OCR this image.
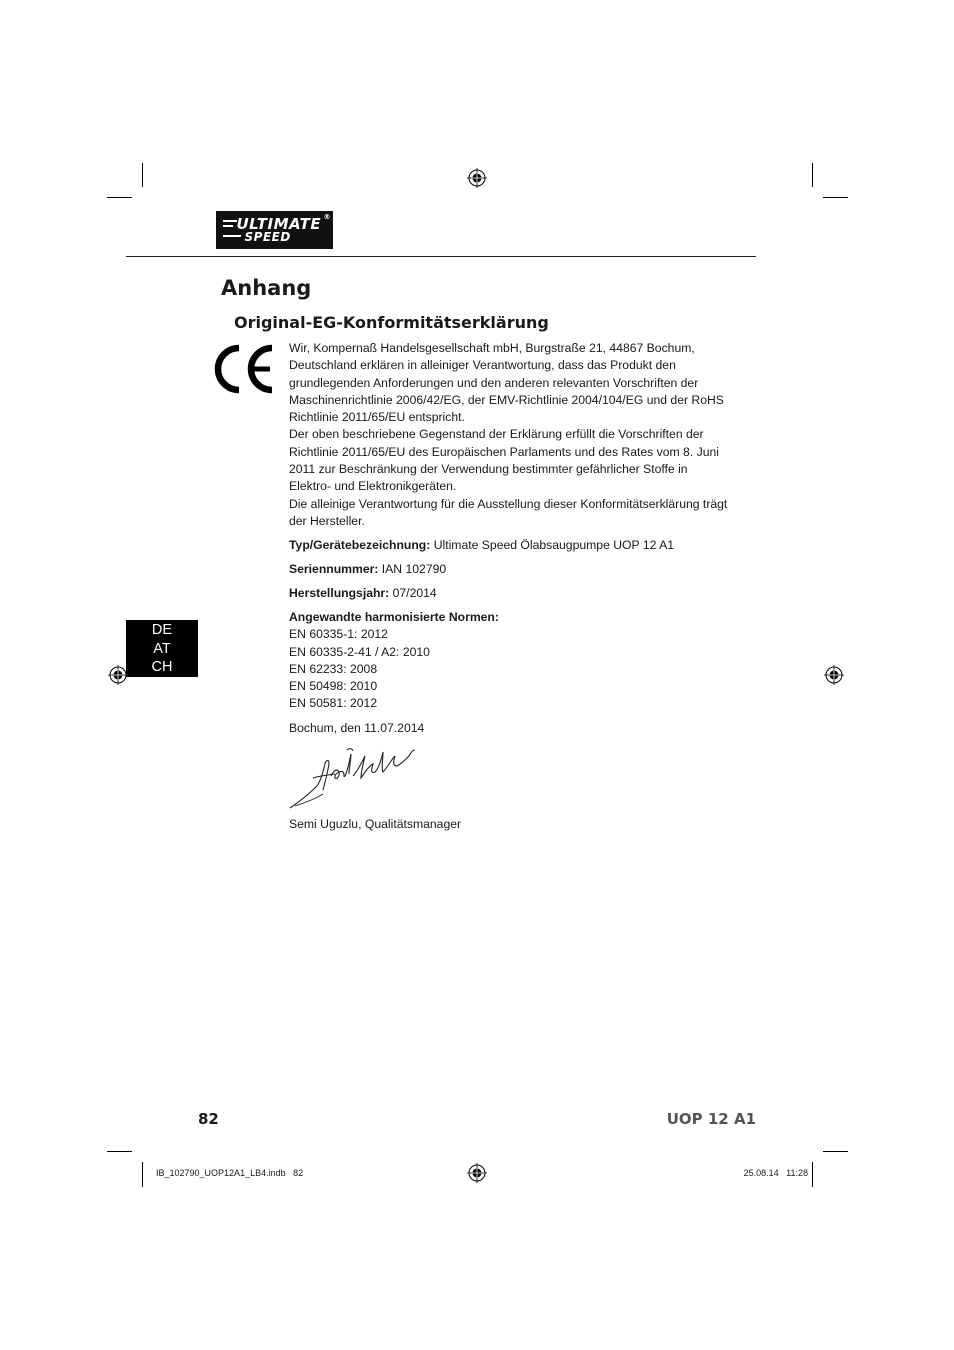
ULTIMATE
SPEED
®
Anhang
Original-EG-Konformitätserklärung

Wir, Kompernaß Handelsgesellschaft mbH, Burgstraße 21, 44867 Bochum, Deutschland erklären in alleiniger Verantwortung, dass das Produkt den grundlegenden Anforderungen und den anderen relevanten Vorschriften der Maschinenrichtlinie 2006/42/EG, der EMV-Richtlinie 2004/104/EG und der RoHS Richtlinie 2011/65/EU entspricht.

Der oben beschriebene Gegenstand der Erklärung erfüllt die Vorschriften der Richtlinie 2011/65/EU des Europäischen Parlaments und des Rates vom 8. Juni 2011 zur Beschränkung der Verwendung bestimmter gefährlicher Stoffe in Elektro- und Elektronikgeräten.

Die alleinige Verantwortung für die Ausstellung dieser Konformitätserklärung trägt der Hersteller.

Typ/Gerätebezeichnung: Ultimate Speed Ölabsaugpumpe UOP 12 A1
Seriennummer: IAN 102790
Herstellungsjahr: 07/2014
Angewandte harmonisierte Normen:
EN 60335-1: 2012
EN 60335-2-41 / A2: 2010
EN 62233: 2008
EN 50498: 2010
EN 50581: 2012
Bochum, den 11.07.2014
Semi Uguzlu, Qualitätsmanager
DE
AT
CH
82	UOP 12 A1
IB_102790_UOP12A1_LB4.indb   82	25.08.14   11:28
